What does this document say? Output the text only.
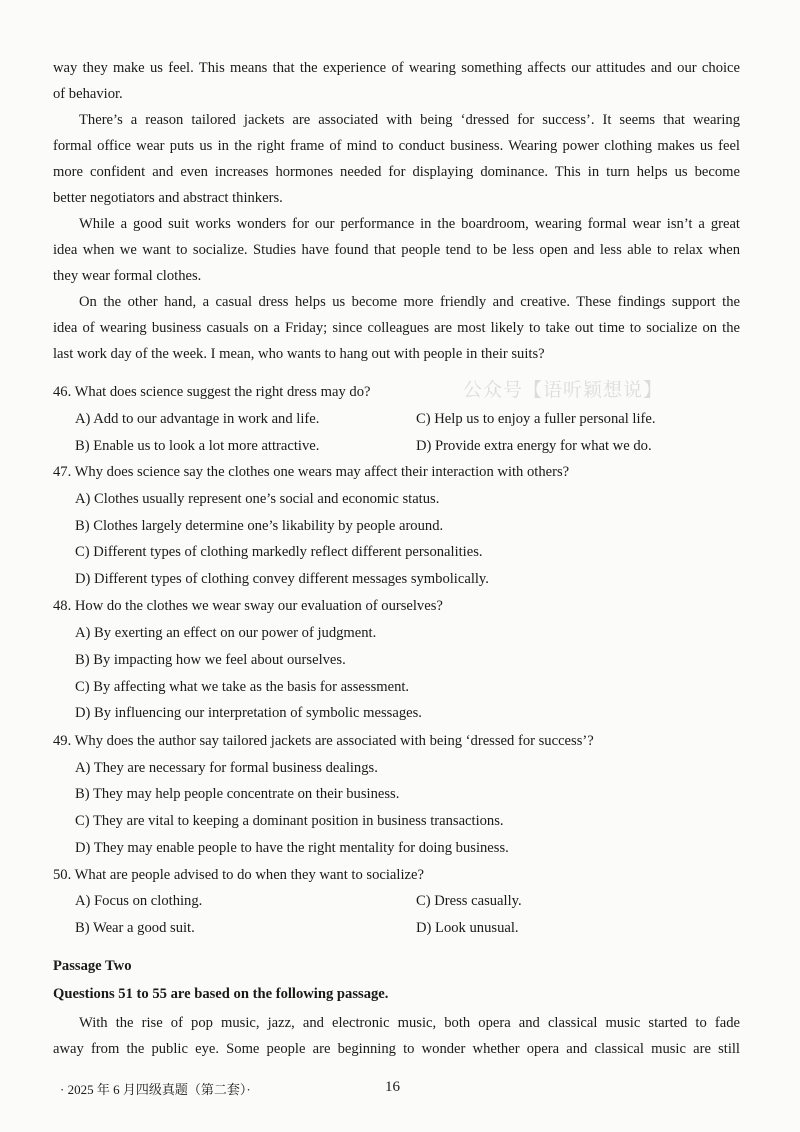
way they make us feel. This means that the experience of wearing something affects our attitudes and our choice
of behavior.
There’s a reason tailored jackets are associated with being ‘dressed for success’. It seems that wearing
formal office wear puts us in the right frame of mind to conduct business. Wearing power clothing makes us feel
more confident and even increases hormones needed for displaying dominance. This in turn helps us become
better negotiators and abstract thinkers.
While a good suit works wonders for our performance in the boardroom, wearing formal wear isn’t a great
idea when we want to socialize. Studies have found that people tend to be less open and less able to relax when
they wear formal clothes.
On the other hand, a casual dress helps us become more friendly and creative. These findings support the
idea of wearing business casuals on a Friday; since colleagues are most likely to take out time to socialize on the
last work day of the week. I mean, who wants to hang out with people in their suits?
公众号【语听颖想说】

46. What does science suggest the right dress may do?

A) Add to our advantage in work and life.	C) Help us to enjoy a fuller personal life.

B) Enable us to look a lot more attractive.	D) Provide extra energy for what we do.

47. Why does science say the clothes one wears may affect their interaction with others?

A) Clothes usually represent one’s social and economic status.

B) Clothes largely determine one’s likability by people around.

C) Different types of clothing markedly reflect different personalities.

D) Different types of clothing convey different messages symbolically.

48. How do the clothes we wear sway our evaluation of ourselves?

A) By exerting an effect on our power of judgment.

B) By impacting how we feel about ourselves.

C) By affecting what we take as the basis for assessment.

D) By influencing our interpretation of symbolic messages.

49. Why does the author say tailored jackets are associated with being ‘dressed for success’?

A) They are necessary for formal business dealings.

B) They may help people concentrate on their business.

C) They are vital to keeping a dominant position in business transactions.

D) They may enable people to have the right mentality for doing business.

50. What are people advised to do when they want to socialize?

A) Focus on clothing.	C) Dress casually.

B) Wear a good suit.	D) Look unusual.

Passage Two

Questions 51 to 55 are based on the following passage.

With the rise of pop music, jazz, and electronic music, both opera and classical music started to fade
away from the public eye. Some people are beginning to wonder whether opera and classical music are still
· 2025 年 6 月四级真题（第二套）·	16
